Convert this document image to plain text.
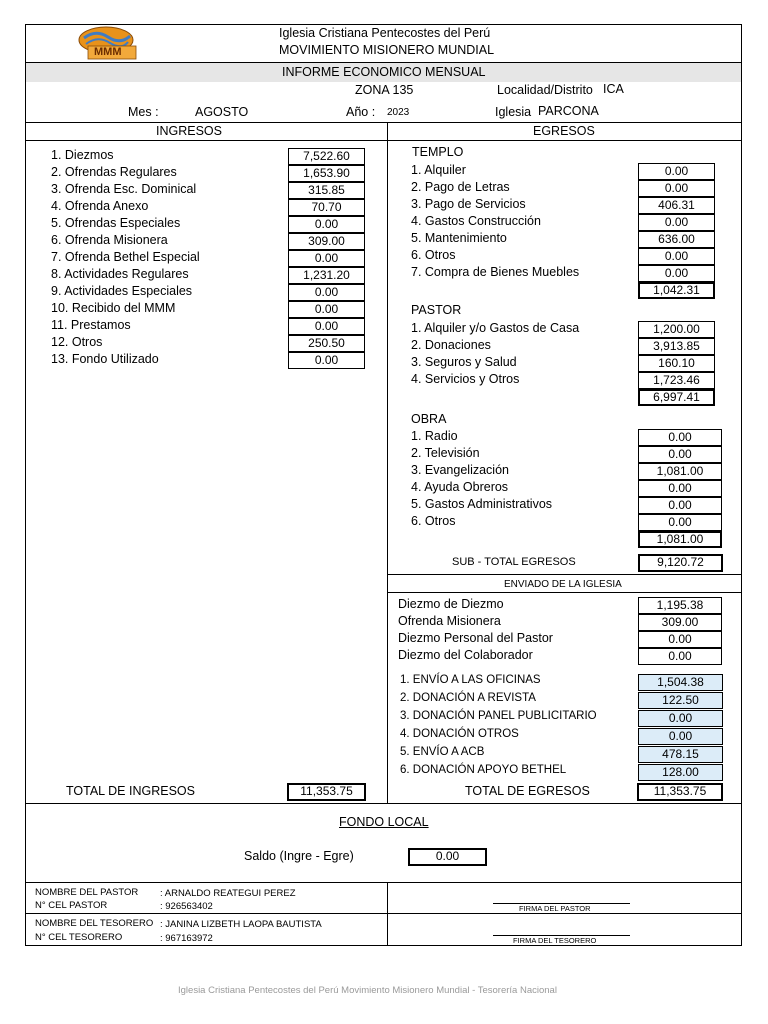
MMM
Iglesia Cristiana Pentecostes del Perú
MOVIMIENTO MISIONERO MUNDIAL
INFORME ECONOMICO MENSUAL
ZONA 135	Localidad/Distrito ICA
Mes :	AGOSTO	Año : 2023	Iglesia PARCONA
INGRESOS	EGRESOS
1. Diezmos	7,522.60
2. Ofrendas Regulares	1,653.90
3. Ofrenda Esc. Dominical	315.85
4. Ofrenda Anexo	70.70
5. Ofrendas Especiales	0.00
6. Ofrenda Misionera	309.00
7. Ofrenda Bethel Especial	0.00
8. Actividades Regulares	1,231.20
9. Actividades Especiales	0.00
10. Recibido del MMM	0.00
11. Prestamos	0.00
12. Otros	250.50
13. Fondo Utilizado	0.00
TOTAL DE INGRESOS	11,353.75
TEMPLO
1. Alquiler	0.00
2. Pago de Letras	0.00
3. Pago de Servicios	406.31
4. Gastos Construcción	0.00
5. Mantenimiento	636.00
6. Otros	0.00
7. Compra de Bienes Muebles	0.00
1,042.31
PASTOR
1. Alquiler y/o Gastos de Casa	1,200.00
2. Donaciones	3,913.85
3. Seguros y Salud	160.10
4. Servicios y Otros	1,723.46
6,997.41
OBRA
1. Radio	0.00
2. Televisión	0.00
3. Evangelización	1,081.00
4. Ayuda Obreros	0.00
5. Gastos Administrativos	0.00
6. Otros	0.00
1,081.00
SUB - TOTAL EGRESOS	9,120.72
ENVIADO DE LA IGLESIA
Diezmo de Diezmo	1,195.38
Ofrenda Misionera	309.00
Diezmo Personal del Pastor	0.00
Diezmo del Colaborador	0.00
1. ENVÍO A LAS OFICINAS	1,504.38
2. DONACIÓN A REVISTA	122.50
3. DONACIÓN PANEL PUBLICITARIO	0.00
4. DONACIÓN OTROS	0.00
5. ENVÍO A ACB	478.15
6. DONACIÓN APOYO BETHEL	128.00
TOTAL DE EGRESOS	11,353.75
FONDO LOCAL
Saldo (Ingre - Egre)	0.00
NOMBRE DEL PASTOR : ARNALDO REATEGUI PEREZ
N° CEL PASTOR	: 926563402	FIRMA DEL PASTOR
NOMBRE DEL TESORERO : JANINA LIZBETH LAOPA BAUTISTA
N° CEL TESORERO	: 967163972	FIRMA DEL TESORERO
Iglesia Cristiana Pentecostes del Perú Movimiento Misionero Mundial - Tesorería Nacional
